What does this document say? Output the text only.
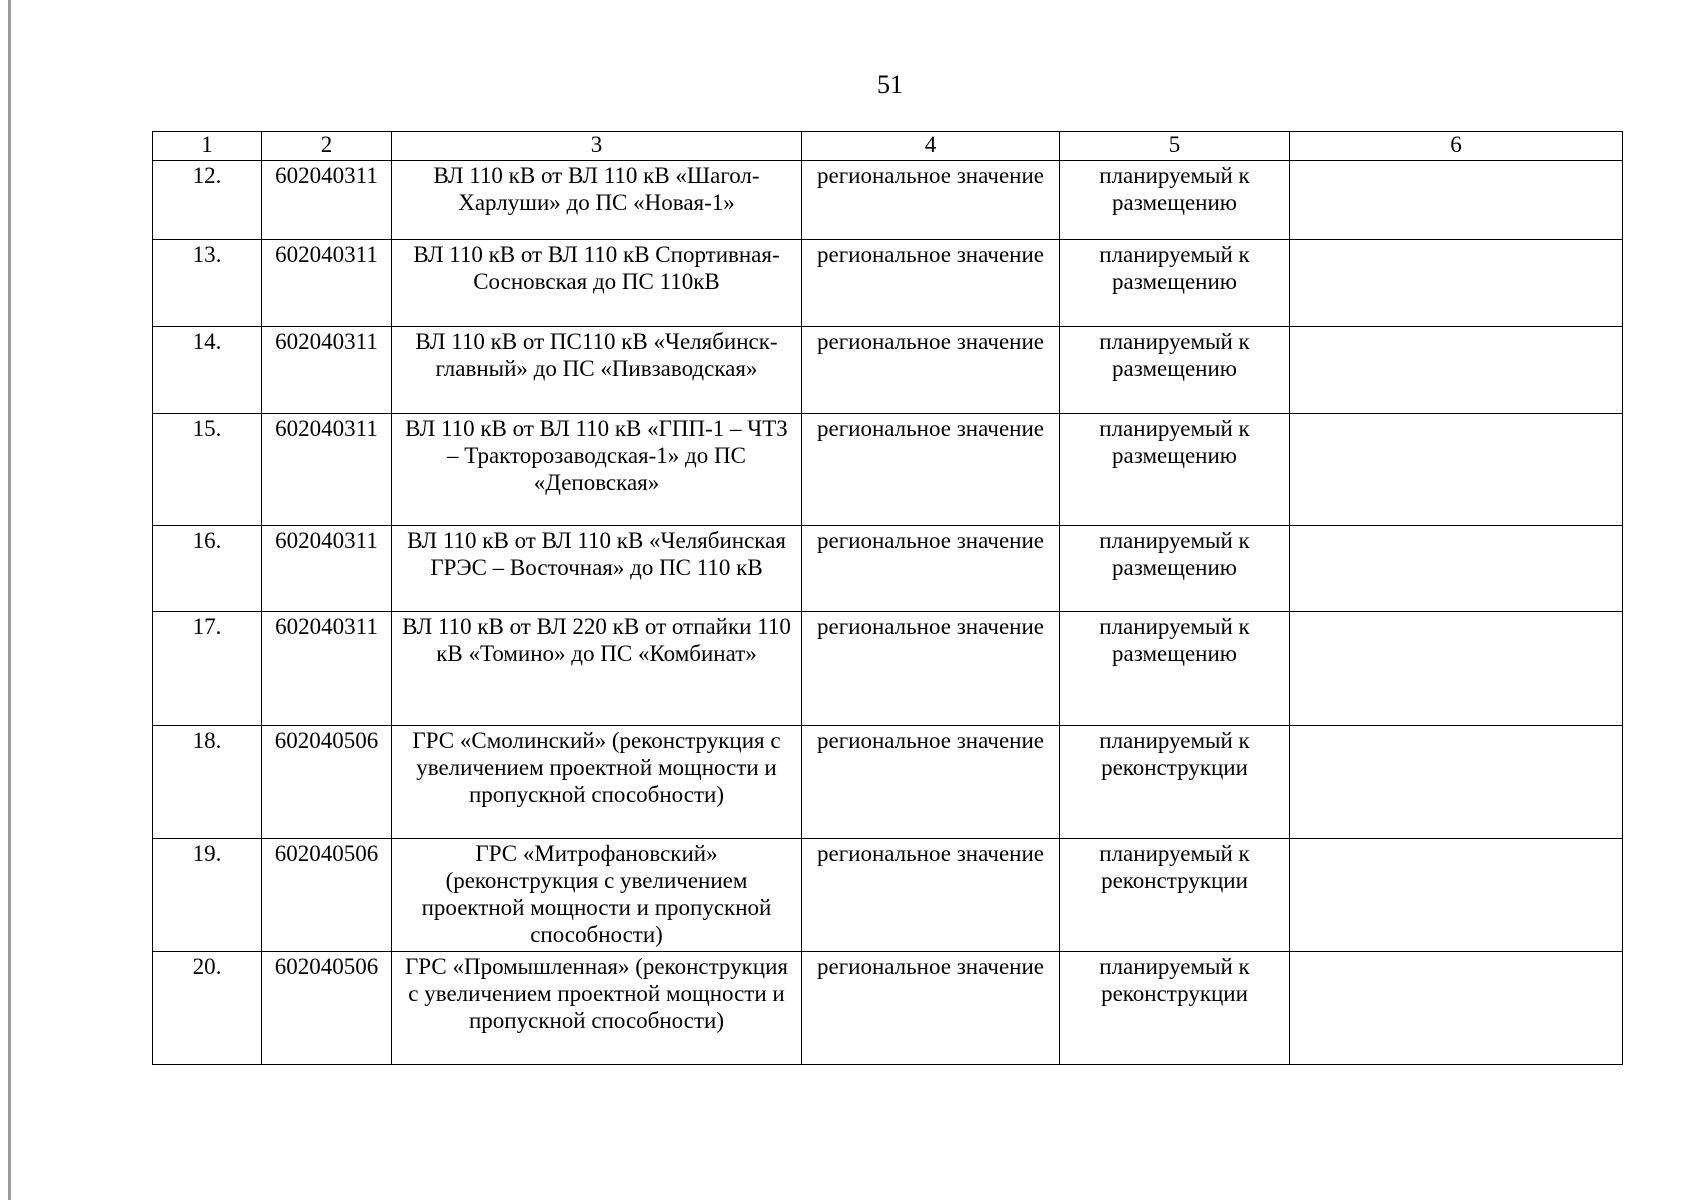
51
1	2	3	4	5	6
12.	602040311	ВЛ 110 кВ от ВЛ 110 кВ «Шагол-Харлуши» до ПС «Новая-1»	региональное значение	планируемый к размещению	
13.	602040311	ВЛ 110 кВ от ВЛ 110 кВ Спортивная-Сосновская до ПС 110кВ	региональное значение	планируемый к размещению	
14.	602040311	ВЛ 110 кВ от ПС110 кВ «Челябинск-главный» до ПС «Пивзаводская»	региональное значение	планируемый к размещению	
15.	602040311	ВЛ 110 кВ от ВЛ 110 кВ «ГПП-1 – ЧТЗ – Тракторозаводская-1» до ПС «Деповская»	региональное значение	планируемый к размещению	
16.	602040311	ВЛ 110 кВ от ВЛ 110 кВ «Челябинская ГРЭС – Восточная» до ПС 110 кВ	региональное значение	планируемый к размещению	
17.	602040311	ВЛ 110 кВ от ВЛ 220 кВ от отпайки 110 кВ «Томино» до ПС «Комбинат»	региональное значение	планируемый к размещению	
18.	602040506	ГРС «Смолинский» (реконструкция с увеличением проектной мощности и пропускной способности)	региональное значение	планируемый к реконструкции	
19.	602040506	ГРС «Митрофановский» (реконструкция с увеличением проектной мощности и пропускной способности)	региональное значение	планируемый к реконструкции	
20.	602040506	ГРС «Промышленная» (реконструкция с увеличением проектной мощности и пропускной способности)	региональное значение	планируемый к реконструкции	
